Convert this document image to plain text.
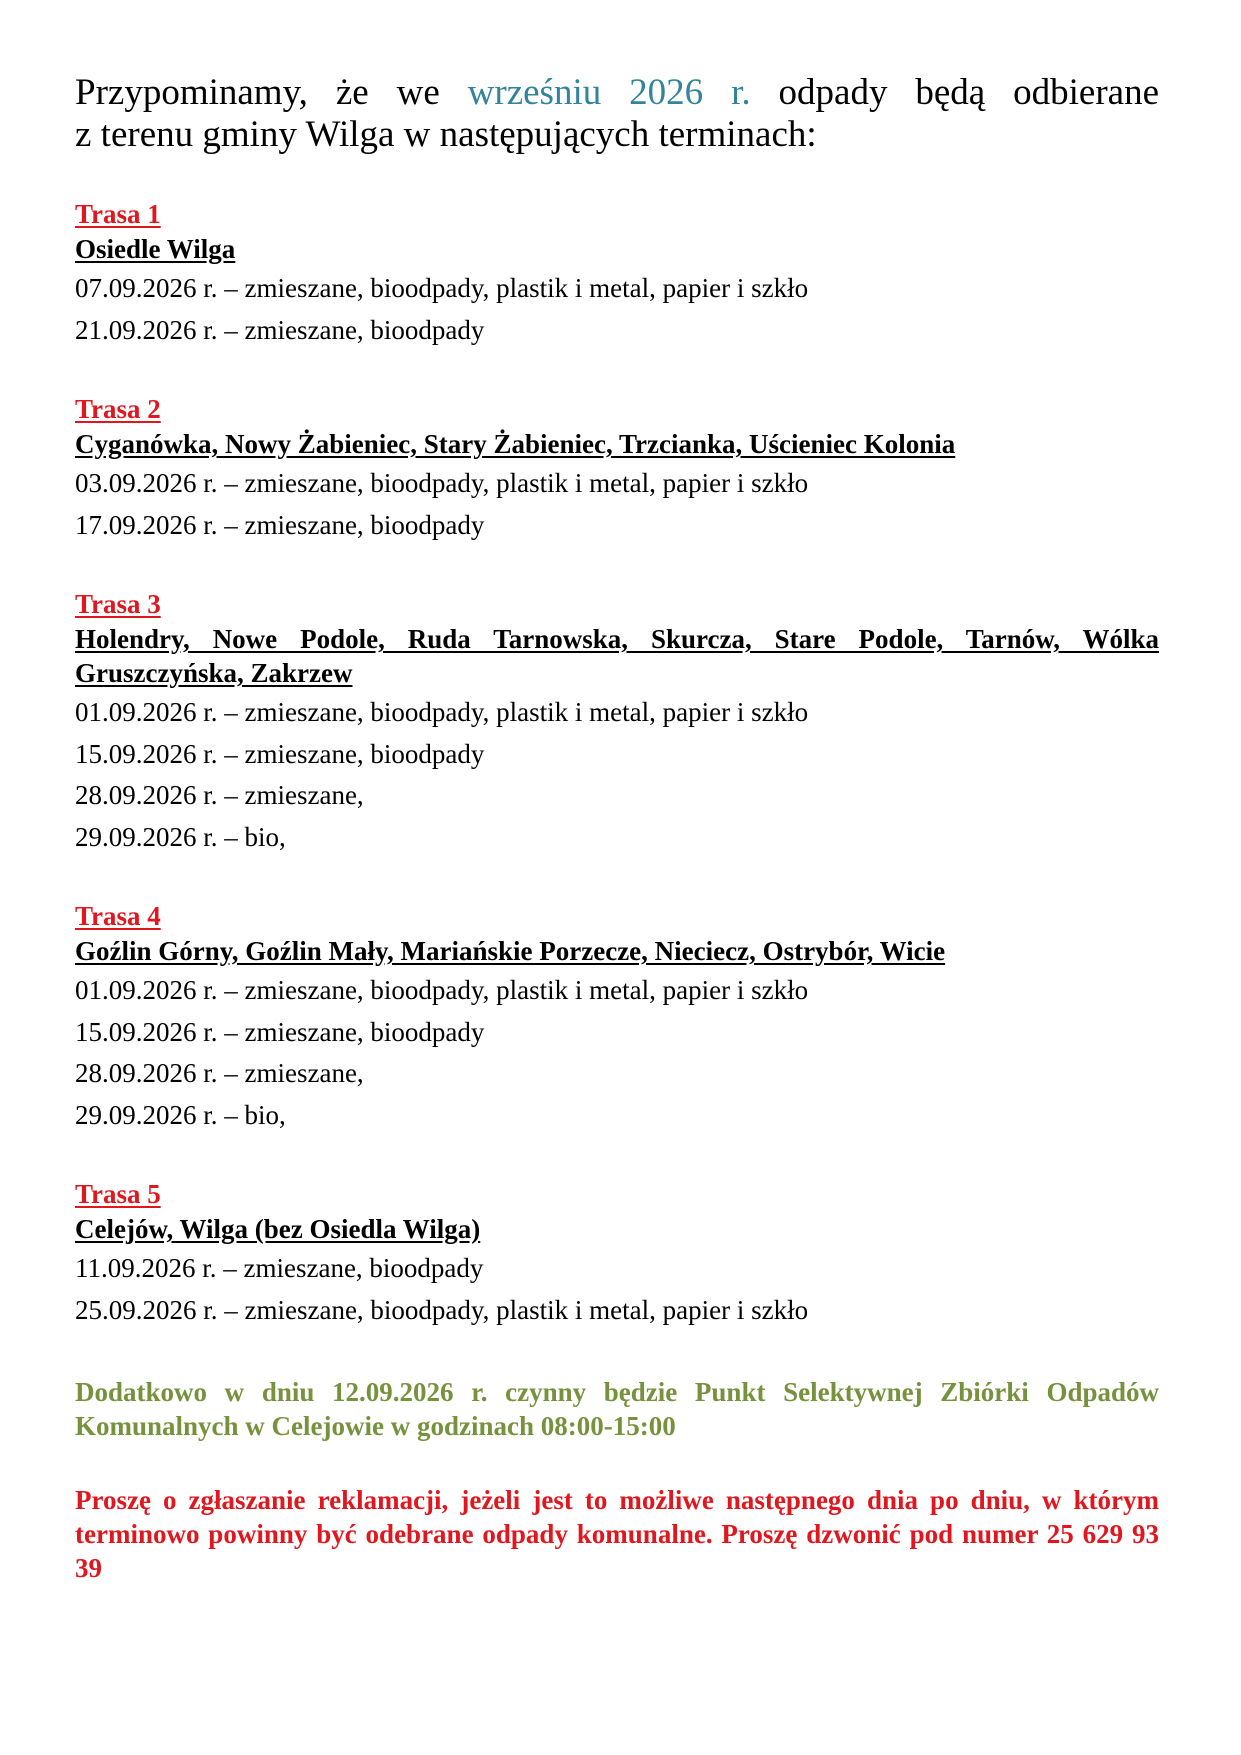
Przypominamy, że we wrześniu 2026 r. odpady będą odbierane
z terenu gminy Wilga w następujących terminach:

Trasa 1
Osiedle Wilga
07.09.2026 r. – zmieszane, bioodpady, plastik i metal, papier i szkło
21.09.2026 r. – zmieszane, bioodpady
Trasa 2
Cyganówka, Nowy Żabieniec, Stary Żabieniec, Trzcianka, Uścieniec Kolonia
03.09.2026 r. – zmieszane, bioodpady, plastik i metal, papier i szkło
17.09.2026 r. – zmieszane, bioodpady
Trasa 3
Holendry, Nowe Podole, Ruda Tarnowska, Skurcza, Stare Podole, Tarnów, Wólka Gruszczyńska, Zakrzew
01.09.2026 r. – zmieszane, bioodpady, plastik i metal, papier i szkło
15.09.2026 r. – zmieszane, bioodpady
28.09.2026 r. – zmieszane,
29.09.2026 r. – bio,
Trasa 4
Goźlin Górny, Goźlin Mały, Mariańskie Porzecze, Nieciecz, Ostrybór, Wicie
01.09.2026 r. – zmieszane, bioodpady, plastik i metal, papier i szkło
15.09.2026 r. – zmieszane, bioodpady
28.09.2026 r. – zmieszane,
29.09.2026 r. – bio,
Trasa 5
Celejów, Wilga (bez Osiedla Wilga)
11.09.2026 r. – zmieszane, bioodpady
25.09.2026 r. – zmieszane, bioodpady, plastik i metal, papier i szkło

Dodatkowo w dniu 12.09.2026 r. czynny będzie Punkt Selektywnej Zbiórki Odpadów Komunalnych w Celejowie w godzinach 08:00-15:00

Proszę o zgłaszanie reklamacji, jeżeli jest to możliwe następnego dnia po dniu, w którym terminowo powinny być odebrane odpady komunalne. Proszę dzwonić pod numer 25 629 93 39
